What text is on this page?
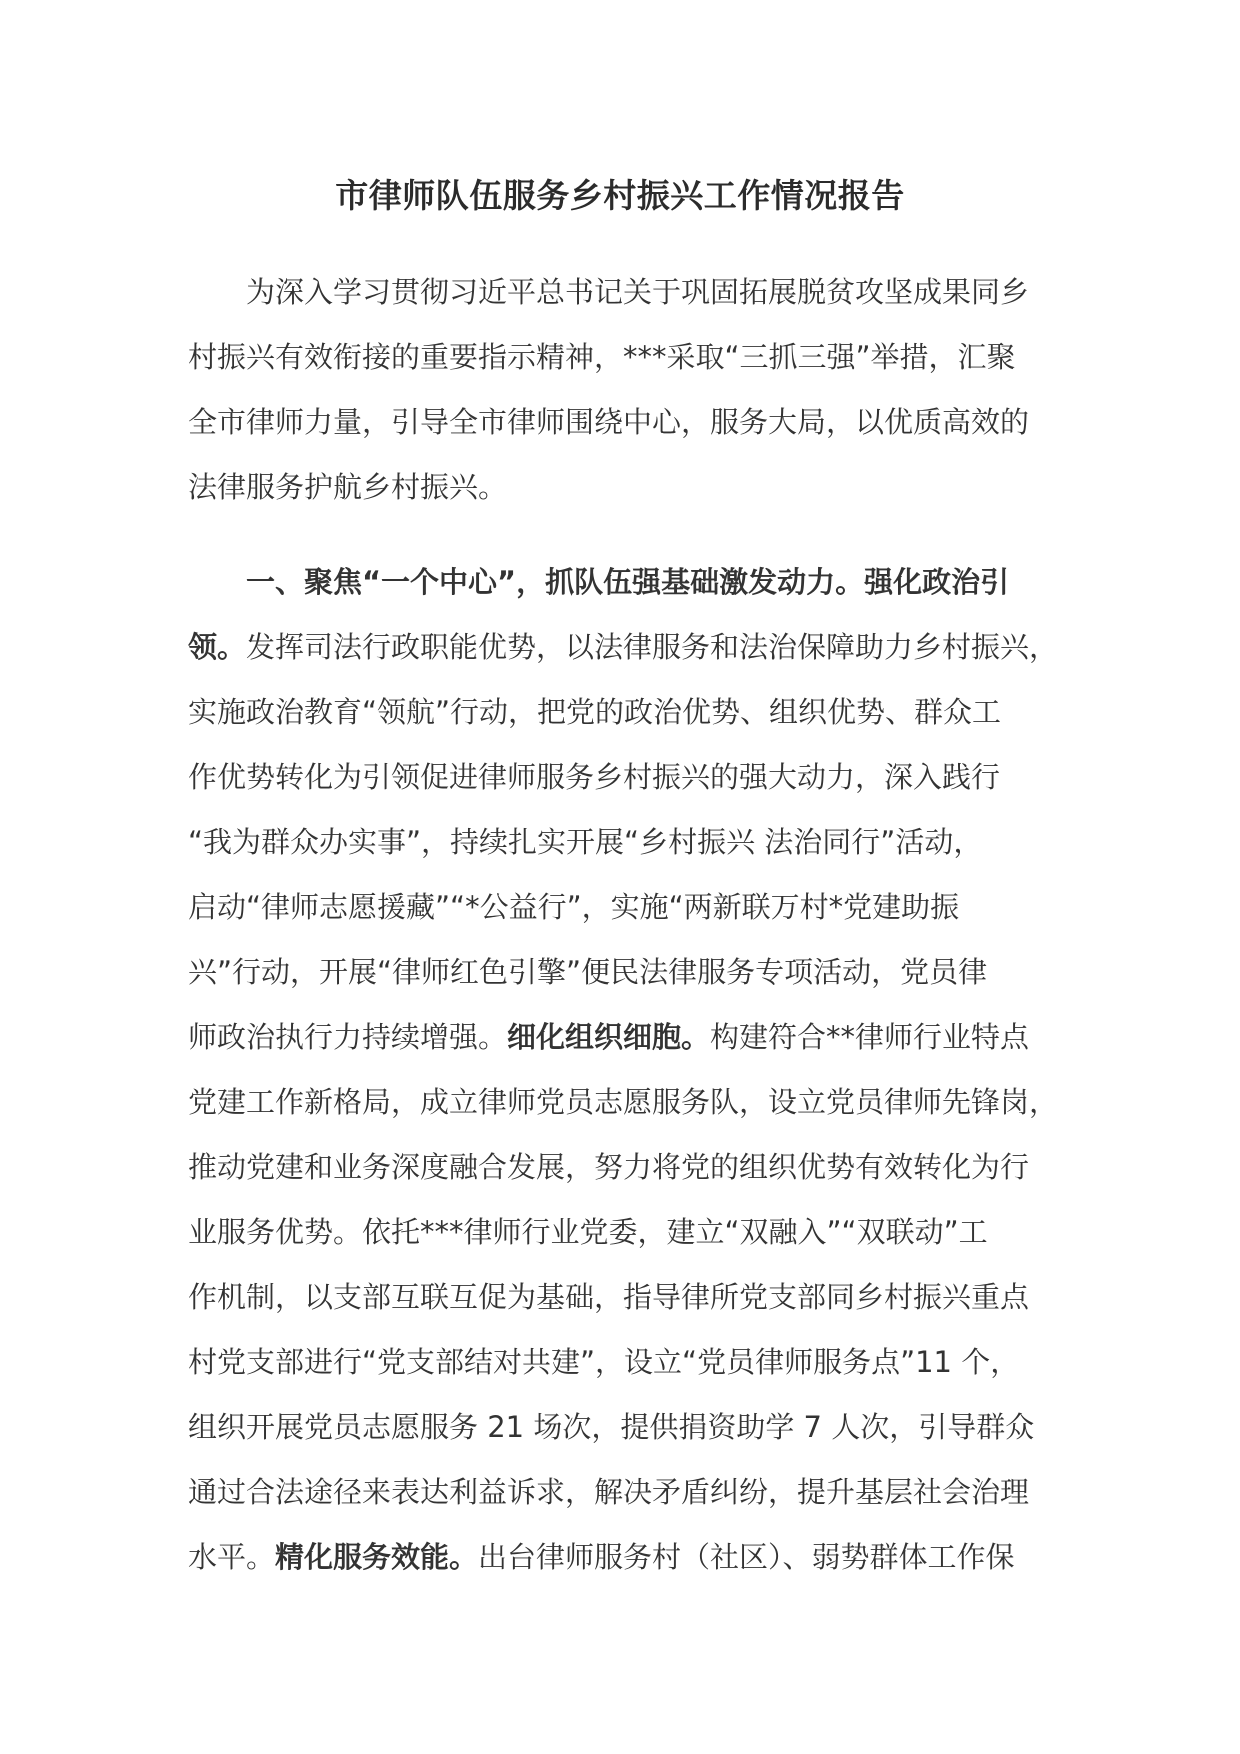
市律师队伍服务乡村振兴工作情况报告
为深入学习贯彻习近平总书记关于巩固拓展脱贫攻坚成果同乡
村振兴有效衔接的重要指示精神，***采取“三抓三强”举措，汇聚
全市律师力量，引导全市律师围绕中心，服务大局，以优质高效的
法律服务护航乡村振兴。
一、聚焦“一个中心”，抓队伍强基础激发动力。强化政治引
领。发挥司法行政职能优势，以法律服务和法治保障助力乡村振兴，
实施政治教育“领航”行动，把党的政治优势、组织优势、群众工
作优势转化为引领促进律师服务乡村振兴的强大动力，深入践行
“我为群众办实事”，持续扎实开展“乡村振兴 法治同行”活动，
启动“律师志愿援藏”“*公益行”，实施“两新联万村*党建助振
兴”行动，开展“律师红色引擎”便民法律服务专项活动，党员律
师政治执行力持续增强。细化组织细胞。构建符合**律师行业特点
党建工作新格局，成立律师党员志愿服务队，设立党员律师先锋岗，
推动党建和业务深度融合发展，努力将党的组织优势有效转化为行
业服务优势。依托***律师行业党委，建立“双融入”“双联动”工
作机制，以支部互联互促为基础，指导律所党支部同乡村振兴重点
村党支部进行“党支部结对共建”，设立“党员律师服务点”11 个，
组织开展党员志愿服务 21 场次，提供捐资助学 7 人次，引导群众
通过合法途径来表达利益诉求，解决矛盾纠纷，提升基层社会治理
水平。精化服务效能。出台律师服务村（社区）、弱势群体工作保
